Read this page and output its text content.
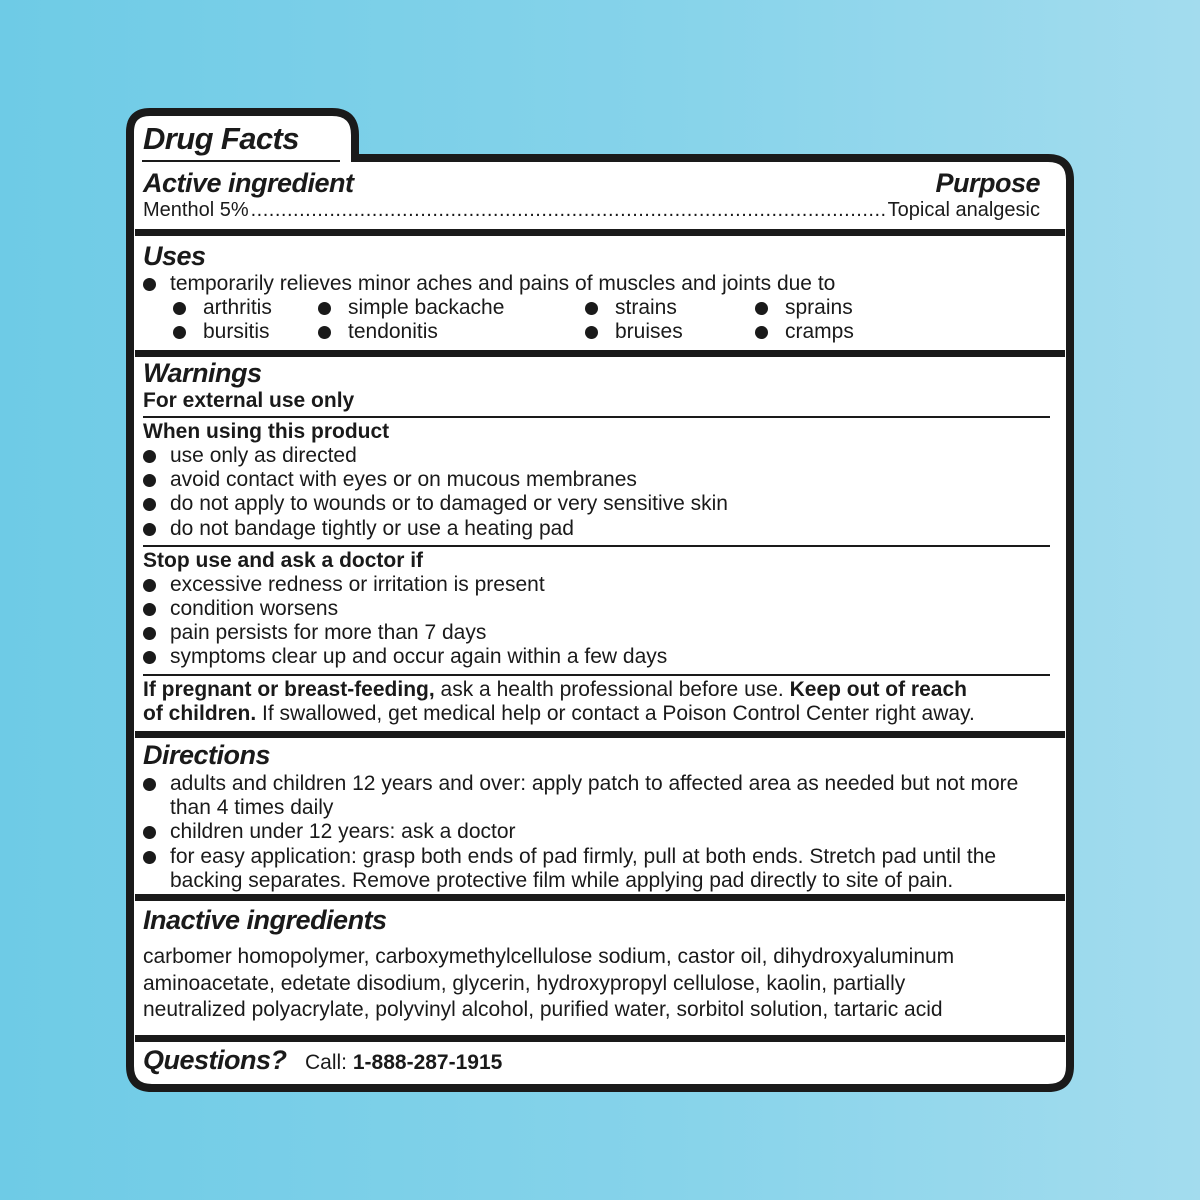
Drug Facts
Active ingredient	Purpose
Menthol 5%
.....	Topical analgesic
Uses
temporarily relieves minor aches and pains of muscles and joints due to
arthritis	simple backache	strains	sprains
bursitis	tendonitis	bruises	cramps
Warnings
For external use only
When using this product
use only as directed
avoid contact with eyes or on mucous membranes
do not apply to wounds or to damaged or very sensitive skin
do not bandage tightly or use a heating pad
Stop use and ask a doctor if
excessive redness or irritation is present
condition worsens
pain persists for more than 7 days
symptoms clear up and occur again within a few days
If pregnant or breast-feeding, ask a health professional before use. Keep out of reach
of children. If swallowed, get medical help or contact a Poison Control Center right away.
Directions
adults and children 12 years and over: apply patch to affected area as needed but not more than 4 times daily
children under 12 years: ask a doctor
for easy application: grasp both ends of pad firmly, pull at both ends. Stretch pad until the backing separates. Remove protective film while applying pad directly to site of pain.
Inactive ingredients
carbomer homopolymer, carboxymethylcellulose sodium, castor oil, dihydroxyaluminum
aminoacetate, edetate disodium, glycerin, hydroxypropyl cellulose, kaolin, partially
neutralized polyacrylate, polyvinyl alcohol, purified water, sorbitol solution, tartaric acid
Questions? Call: 1-888-287-1915
